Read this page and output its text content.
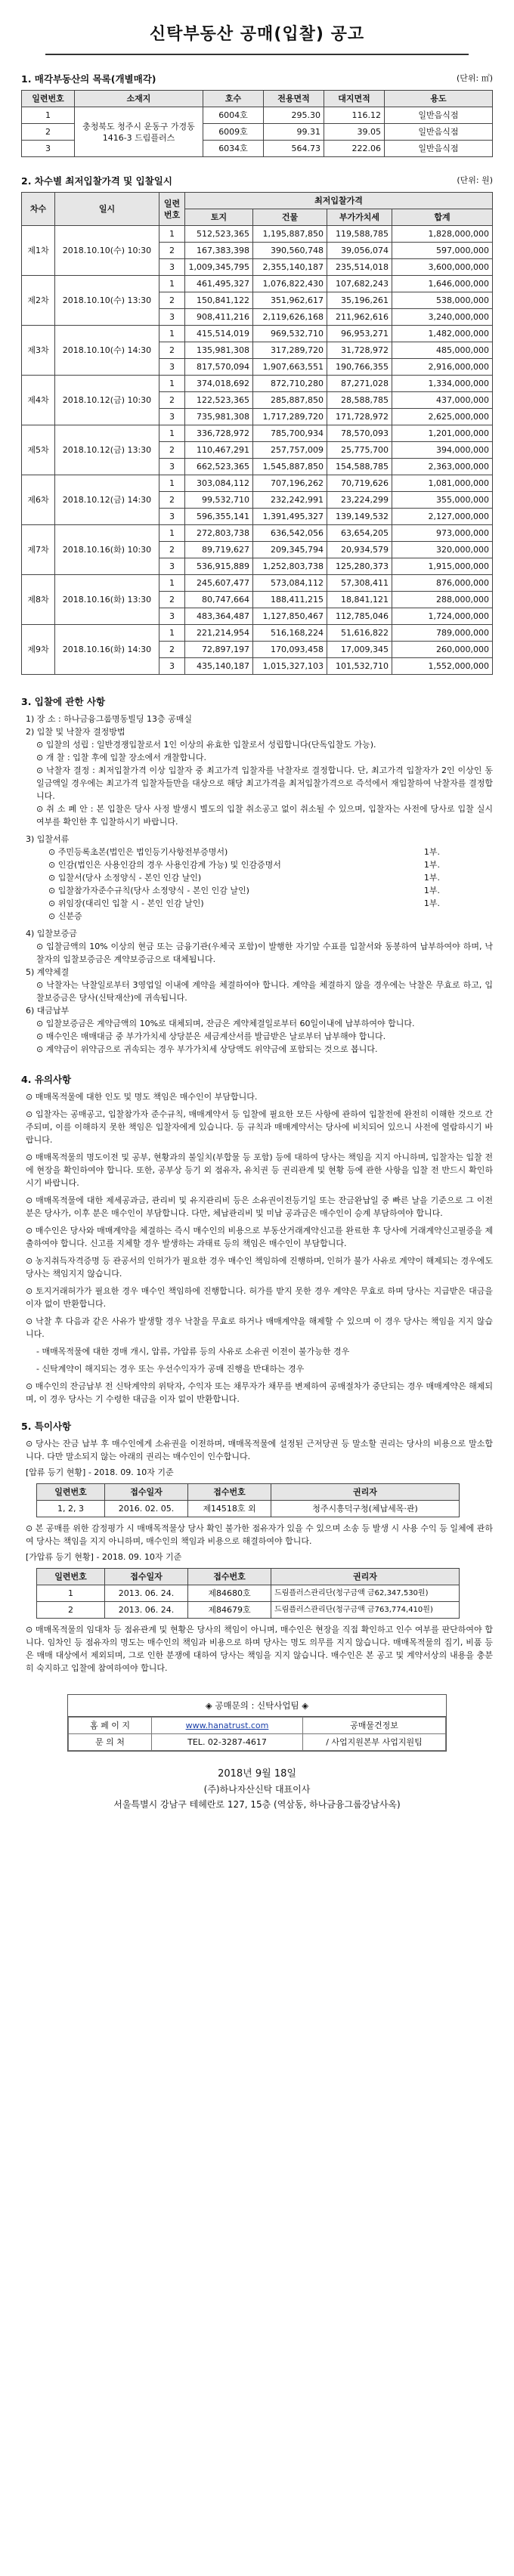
신탁부동산 공매(입찰) 공고
1. 매각부동산의 목록(개별매각)	(단위: ㎡)
일련번호	소재지	호수	전용면적	대지면적	용도
1	충청북도 청주시 운동구 가경동 1416-3 드림플러스	6004호	295.30	116.12	일반음식점
2		6009호	99.31	39.05	일반음식점
3		6034호	564.73	222.06	일반음식점
2. 차수별 최저입찰가격 및 입찰일시	(단위: 원)
차수	일시	일련번호	최저입찰가격			
			토지	건물	부가가치세	합계
제1차	2018.10.10(수) 10:30	1	512,523,365	1,195,887,850	119,588,785	1,828,000,000
		2	167,383,398	390,560,748	39,056,074	597,000,000
		3	1,009,345,795	2,355,140,187	235,514,018	3,600,000,000
제2차	2018.10.10(수) 13:30	1	461,495,327	1,076,822,430	107,682,243	1,646,000,000
		2	150,841,122	351,962,617	35,196,261	538,000,000
		3	908,411,216	2,119,626,168	211,962,616	3,240,000,000
제3차	2018.10.10(수) 14:30	1	415,514,019	969,532,710	96,953,271	1,482,000,000
		2	135,981,308	317,289,720	31,728,972	485,000,000
		3	817,570,094	1,907,663,551	190,766,355	2,916,000,000
제4차	2018.10.12(금) 10:30	1	374,018,692	872,710,280	87,271,028	1,334,000,000
		2	122,523,365	285,887,850	28,588,785	437,000,000
		3	735,981,308	1,717,289,720	171,728,972	2,625,000,000
제5차	2018.10.12(금) 13:30	1	336,728,972	785,700,934	78,570,093	1,201,000,000
		2	110,467,291	257,757,009	25,775,700	394,000,000
		3	662,523,365	1,545,887,850	154,588,785	2,363,000,000
제6차	2018.10.12(금) 14:30	1	303,084,112	707,196,262	70,719,626	1,081,000,000
		2	99,532,710	232,242,991	23,224,299	355,000,000
		3	596,355,141	1,391,495,327	139,149,532	2,127,000,000
제7차	2018.10.16(화) 10:30	1	272,803,738	636,542,056	63,654,205	973,000,000
		2	89,719,627	209,345,794	20,934,579	320,000,000
		3	536,915,889	1,252,803,738	125,280,373	1,915,000,000
제8차	2018.10.16(화) 13:30	1	245,607,477	573,084,112	57,308,411	876,000,000
		2	80,747,664	188,411,215	18,841,121	288,000,000
		3	483,364,487	1,127,850,467	112,785,046	1,724,000,000
제9차	2018.10.16(화) 14:30	1	221,214,954	516,168,224	51,616,822	789,000,000
		2	72,897,197	170,093,458	17,009,345	260,000,000
		3	435,140,187	1,015,327,103	101,532,710	1,552,000,000
3. 입찰에 관한 사항
1) 장 소 : 하나금융그룹명동빌딩 13층 공매실
2) 입찰 및 낙찰자 결정방법
⊙ 입찰의 성립 : 일반경쟁입찰로서 1인 이상의 유효한 입찰로서 성립합니다(단독입찰도 가능).
⊙ 개 찰 : 입찰 후에 입찰 장소에서 개찰합니다.
⊙ 낙찰자 결정 : 최저입찰가격 이상 입찰자 중 최고가격 입찰자를 낙찰자로 결정합니다. 단, 최고가격 입찰자가 2인 이상인 동일금액일 경우에는 최고가격 입찰자들만을 대상으로 해당 최고가격을 최저입찰가격으로 즉석에서 재입찰하여 낙찰자를 결정합니다.
⊙ 취 소 폐 안 : 본 입찰은 당사 사정 발생시 별도의 입찰 취소공고 없이 취소될 수 있으며, 입찰자는 사전에 당사로 입찰 실시 여부를 확인한 후 입찰하시기 바랍니다.
3) 입찰서류
⊙ 주민등록초본(법인은 법인등기사항전부증명서)	1부.
⊙ 인감(법인은 사용인감의 경우 사용인감계 가능) 및 인감증명서	1부.
⊙ 입찰서(당사 소정양식 - 본인 인감 날인)	1부.
⊙ 입찰참가자준수규칙(당사 소정양식 - 본인 인감 날인)	1부.
⊙ 위임장(대리인 입찰 시 - 본인 인감 날인)	1부.
⊙ 신분증
4) 입찰보증금
⊙ 입찰금액의 10% 이상의 현금 또는 금융기관(우체국 포함)이 발행한 자기앞 수표를 입찰서와 동봉하여 납부하여야 하며, 낙찰자의 입찰보증금은 계약보증금으로 대체됩니다.
5) 계약체결
⊙ 낙찰자는 낙찰일로부터 3영업일 이내에 계약을 체결하여야 합니다. 계약을 체결하지 않을 경우에는 낙찰은 무효로 하고, 입찰보증금은 당사(신탁재산)에 귀속됩니다.
6) 대금납부
⊙ 입찰보증금은 계약금액의 10%로 대체되며, 잔금은 계약체결일로부터 60일이내에 납부하여야 합니다.
⊙ 매수인은 매매대금 중 부가가치세 상당분은 세금계산서를 발급받은 날로부터 납부해야 합니다.
⊙ 계약금이 위약금으로 귀속되는 경우 부가가치세 상당액도 위약금에 포함되는 것으로 봅니다.
4. 유의사항

⊙ 매매목적물에 대한 인도 및 명도 책임은 매수인이 부담합니다.

⊙ 입찰자는 공매공고, 입찰참가자 준수규칙, 매매계약서 등 입찰에 필요한 모든 사항에 관하여 입찰전에 완전히 이해한 것으로 간주되며, 이를 이해하지 못한 책임은 입찰자에게 있습니다. 등 규칙과 매매계약서는 당사에 비치되어 있으니 사전에 열람하시기 바랍니다.

⊙ 매매목적물의 명도이전 및 공부, 현황과의 불일치(부합물 등 포함) 등에 대하여 당사는 책임을 지지 아니하며, 입찰자는 입찰 전에 현장을 확인하여야 합니다. 또한, 공부상 등기 외 점유자, 유치권 등 권리관계 및 현황 등에 관한 사항을 입찰 전 반드시 확인하시기 바랍니다.

⊙ 매매목적물에 대한 제세공과금, 관리비 및 유지관리비 등은 소유권이전등기일 또는 잔금완납일 중 빠른 날을 기준으로 그 이전 분은 당사가, 이후 분은 매수인이 부담합니다. 다만, 체납관리비 및 미납 공과금은 매수인이 승계 부담하여야 합니다.

⊙ 매수인은 당사와 매매계약을 체결하는 즉시 매수인의 비용으로 부동산거래계약신고를 완료한 후 당사에 거래계약신고필증을 제출하여야 합니다. 신고를 지체할 경우 발생하는 과태료 등의 책임은 매수인이 부담합니다.

⊙ 농지취득자격증명 등 관공서의 인허가가 필요한 경우 매수인 책임하에 진행하며, 인허가 불가 사유로 계약이 해제되는 경우에도 당사는 책임지지 않습니다.

⊙ 토지거래허가가 필요한 경우 매수인 책임하에 진행합니다. 허가를 받지 못한 경우 계약은 무효로 하며 당사는 지급받은 대금을 이자 없이 반환합니다.

⊙ 낙찰 후 다음과 같은 사유가 발생할 경우 낙찰을 무효로 하거나 매매계약을 해제할 수 있으며 이 경우 당사는 책임을 지지 않습니다.

- 매매목적물에 대한 경매 개시, 압류, 가압류 등의 사유로 소유권 이전이 불가능한 경우

- 신탁계약이 해지되는 경우 또는 우선수익자가 공매 진행을 반대하는 경우

⊙ 매수인의 잔금납부 전 신탁계약의 위탁자, 수익자 또는 채무자가 채무를 변제하여 공매절차가 중단되는 경우 매매계약은 해제되며, 이 경우 당사는 기 수령한 대금을 이자 없이 반환합니다.

5. 특이사항
⊙ 당사는 잔금 납부 후 매수인에게 소유권을 이전하며, 매매목적물에 설정된 근저당권 등 말소할 권리는 당사의 비용으로 말소합니다. 다만 말소되지 않는 아래의 권리는 매수인이 인수합니다.
[압류 등기 현황] - 2018. 09. 10자 기준
일련번호	접수일자	접수번호	권리자
1, 2, 3	2016. 02. 05.	제14518호 외	청주시흥덕구청(체납세목·관)
⊙ 본 공매를 위한 감정평가 시 매매목적물상 당사 확인 불가한 점유자가 있을 수 있으며 소송 등 발생 시 사용 수익 등 일체에 관하여 당사는 책임을 지지 아니하며, 매수인의 책임과 비용으로 해결하여야 합니다.
[가압류 등기 현황] - 2018. 09. 10자 기준
일련번호	접수일자	접수번호	권리자
1	2013. 06. 24.	제84680호	드림플러스관리단(청구금액 금62,347,530원)
2	2013. 06. 24.	제84679호	드림플러스관리단(청구금액 금763,774,410원)
⊙ 매매목적물의 임대차 등 점유관계 및 현황은 당사의 책임이 아니며, 매수인은 현장을 직접 확인하고 인수 여부를 판단하여야 합니다. 임차인 등 점유자의 명도는 매수인의 책임과 비용으로 하며 당사는 명도 의무를 지지 않습니다. 매매목적물의 집기, 비품 등은 매매 대상에서 제외되며, 그로 인한 분쟁에 대하여 당사는 책임을 지지 않습니다. 매수인은 본 공고 및 계약서상의 내용을 충분히 숙지하고 입찰에 참여하여야 합니다.
◈ 공매문의 : 신탁사업팀 ◈
홈 페 이 지	www.hanatrust.com	공매물건정보
문 의 처	TEL. 02-3287-4617	/ 사업지원본부 사업지원팀
2018년 9월 18일
(주)하나자산신탁 대표이사
서울특별시 강남구 테헤란로 127, 15층 (역삼동, 하나금융그룹강남사옥)
